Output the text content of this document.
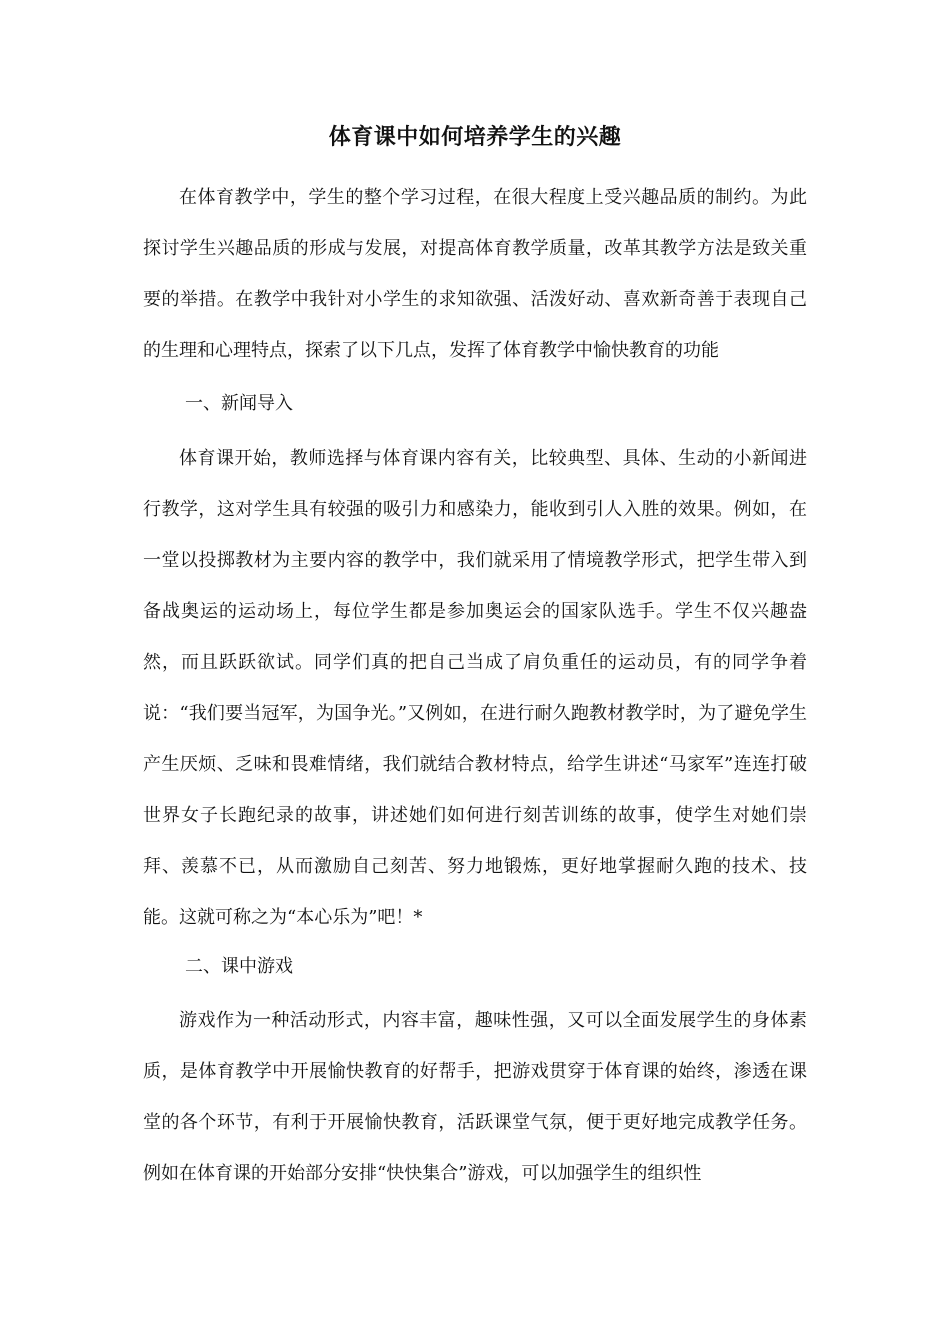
体育课中如何培养学生的兴趣

在体育教学中，学生的整个学习过程，在很大程度上受兴趣品质的制约。为此探讨学生兴趣品质的形成与发展，对提高体育教学质量，改革其教学方法是致关重要的举措。在教学中我针对小学生的求知欲强、活泼好动、喜欢新奇善于表现自己的生理和心理特点，探索了以下几点，发挥了体育教学中愉快教育的功能

一、新闻导入

体育课开始，教师选择与体育课内容有关，比较典型、具体、生动的小新闻进行教学，这对学生具有较强的吸引力和感染力，能收到引人入胜的效果。例如，在一堂以投掷教材为主要内容的教学中，我们就采用了情境教学形式，把学生带入到备战奥运的运动场上，每位学生都是参加奥运会的国家队选手。学生不仅兴趣盎然，而且跃跃欲试。同学们真的把自己当成了肩负重任的运动员，有的同学争着说：“我们要当冠军，为国争光。”又例如，在进行耐久跑教材教学时，为了避免学生产生厌烦、乏味和畏难情绪，我们就结合教材特点，给学生讲述“马家军”连连打破世界女子长跑纪录的故事，讲述她们如何进行刻苦训练的故事，使学生对她们崇拜、羡慕不已，从而激励自己刻苦、努力地锻炼，更好地掌握耐久跑的技术、技能。这就可称之为“本心乐为”吧！*

二、课中游戏

游戏作为一种活动形式，内容丰富，趣味性强，又可以全面发展学生的身体素质，是体育教学中开展愉快教育的好帮手，把游戏贯穿于体育课的始终，渗透在课堂的各个环节，有利于开展愉快教育，活跃课堂气氛，便于更好地完成教学任务。例如在体育课的开始部分安排“快快集合”游戏，可以加强学生的组织性
